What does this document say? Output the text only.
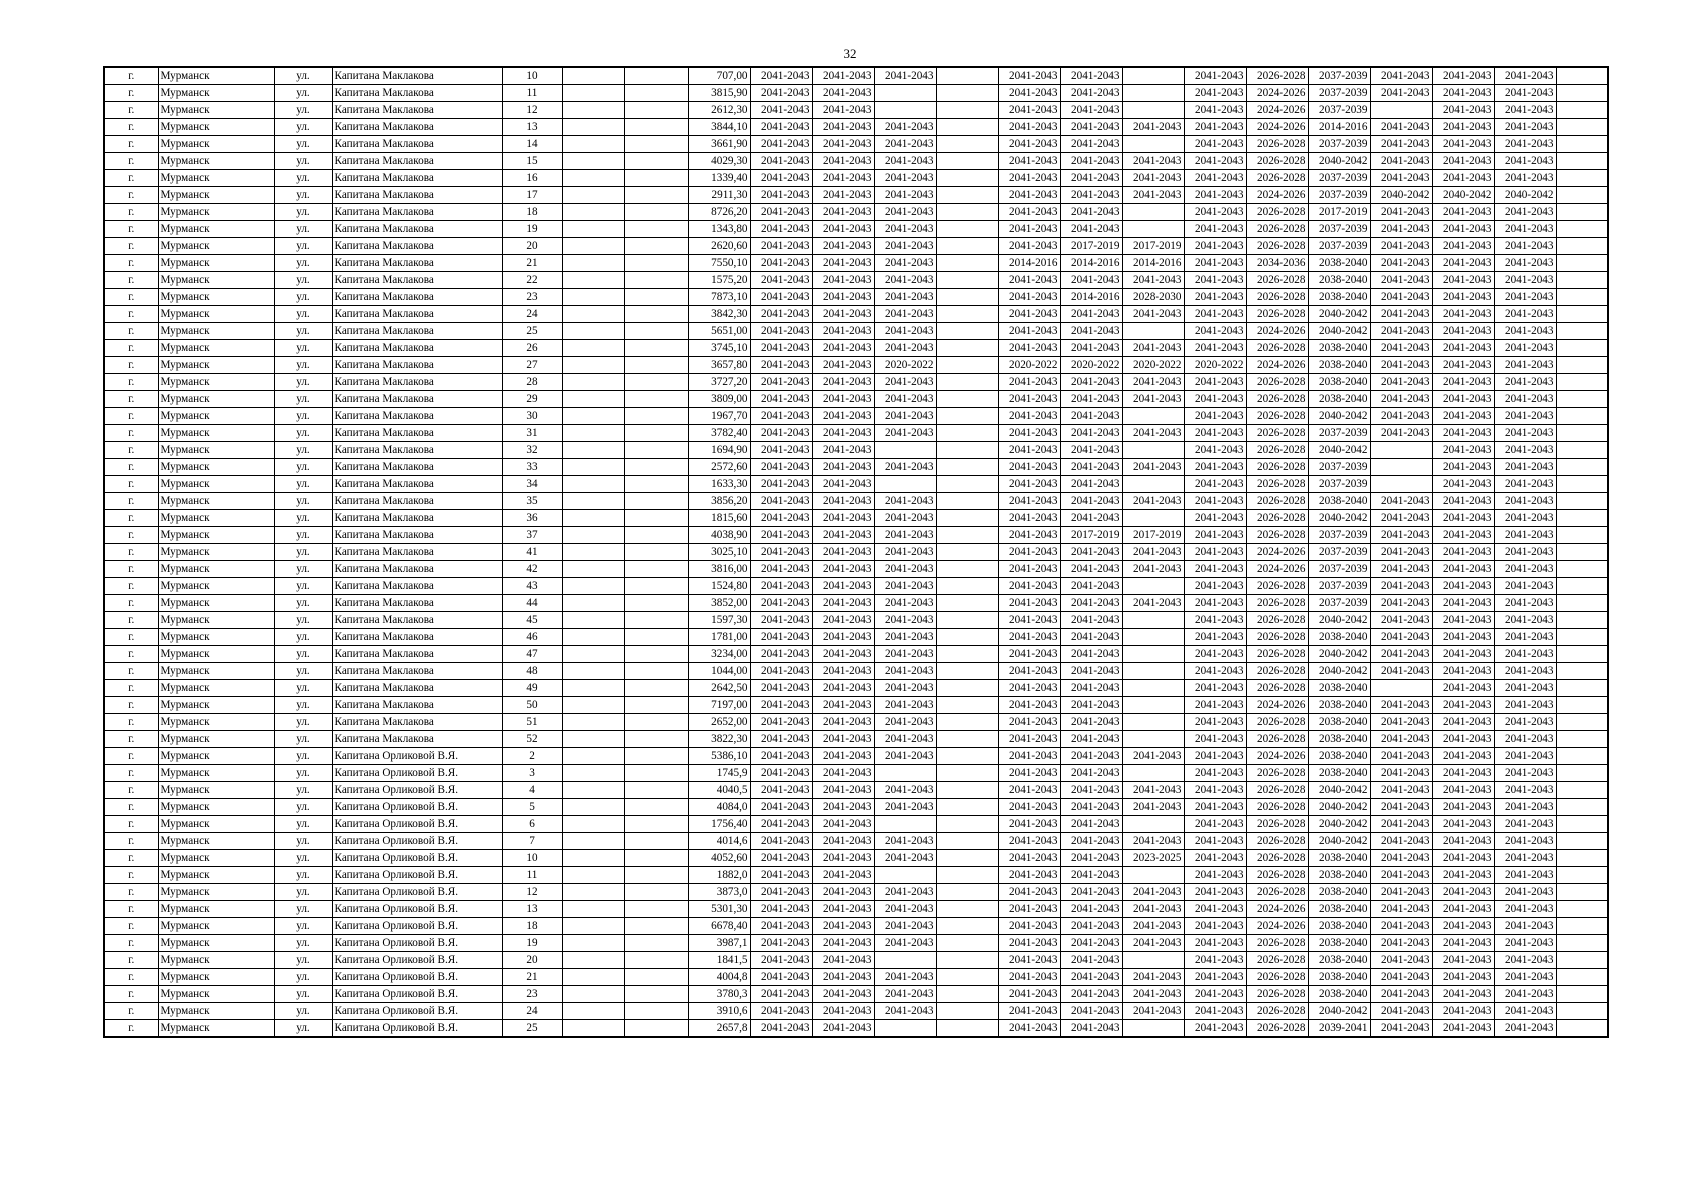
32
г.	Мурманск	ул.	Капитана Маклакова	10			707,00	2041-2043	2041-2043	2041-2043		2041-2043	2041-2043		2041-2043	2026-2028	2037-2039	2041-2043	2041-2043	2041-2043	
г.	Мурманск	ул.	Капитана Маклакова	11			3815,90	2041-2043	2041-2043			2041-2043	2041-2043		2041-2043	2024-2026	2037-2039	2041-2043	2041-2043	2041-2043	
г.	Мурманск	ул.	Капитана Маклакова	12			2612,30	2041-2043	2041-2043			2041-2043	2041-2043		2041-2043	2024-2026	2037-2039		2041-2043	2041-2043	
г.	Мурманск	ул.	Капитана Маклакова	13			3844,10	2041-2043	2041-2043	2041-2043		2041-2043	2041-2043	2041-2043	2041-2043	2024-2026	2014-2016	2041-2043	2041-2043	2041-2043	
г.	Мурманск	ул.	Капитана Маклакова	14			3661,90	2041-2043	2041-2043	2041-2043		2041-2043	2041-2043		2041-2043	2026-2028	2037-2039	2041-2043	2041-2043	2041-2043	
г.	Мурманск	ул.	Капитана Маклакова	15			4029,30	2041-2043	2041-2043	2041-2043		2041-2043	2041-2043	2041-2043	2041-2043	2026-2028	2040-2042	2041-2043	2041-2043	2041-2043	
г.	Мурманск	ул.	Капитана Маклакова	16			1339,40	2041-2043	2041-2043	2041-2043		2041-2043	2041-2043	2041-2043	2041-2043	2026-2028	2037-2039	2041-2043	2041-2043	2041-2043	
г.	Мурманск	ул.	Капитана Маклакова	17			2911,30	2041-2043	2041-2043	2041-2043		2041-2043	2041-2043	2041-2043	2041-2043	2024-2026	2037-2039	2040-2042	2040-2042	2040-2042	
г.	Мурманск	ул.	Капитана Маклакова	18			8726,20	2041-2043	2041-2043	2041-2043		2041-2043	2041-2043		2041-2043	2026-2028	2017-2019	2041-2043	2041-2043	2041-2043	
г.	Мурманск	ул.	Капитана Маклакова	19			1343,80	2041-2043	2041-2043	2041-2043		2041-2043	2041-2043		2041-2043	2026-2028	2037-2039	2041-2043	2041-2043	2041-2043	
г.	Мурманск	ул.	Капитана Маклакова	20			2620,60	2041-2043	2041-2043	2041-2043		2041-2043	2017-2019	2017-2019	2041-2043	2026-2028	2037-2039	2041-2043	2041-2043	2041-2043	
г.	Мурманск	ул.	Капитана Маклакова	21			7550,10	2041-2043	2041-2043	2041-2043		2014-2016	2014-2016	2014-2016	2041-2043	2034-2036	2038-2040	2041-2043	2041-2043	2041-2043	
г.	Мурманск	ул.	Капитана Маклакова	22			1575,20	2041-2043	2041-2043	2041-2043		2041-2043	2041-2043	2041-2043	2041-2043	2026-2028	2038-2040	2041-2043	2041-2043	2041-2043	
г.	Мурманск	ул.	Капитана Маклакова	23			7873,10	2041-2043	2041-2043	2041-2043		2041-2043	2014-2016	2028-2030	2041-2043	2026-2028	2038-2040	2041-2043	2041-2043	2041-2043	
г.	Мурманск	ул.	Капитана Маклакова	24			3842,30	2041-2043	2041-2043	2041-2043		2041-2043	2041-2043	2041-2043	2041-2043	2026-2028	2040-2042	2041-2043	2041-2043	2041-2043	
г.	Мурманск	ул.	Капитана Маклакова	25			5651,00	2041-2043	2041-2043	2041-2043		2041-2043	2041-2043		2041-2043	2024-2026	2040-2042	2041-2043	2041-2043	2041-2043	
г.	Мурманск	ул.	Капитана Маклакова	26			3745,10	2041-2043	2041-2043	2041-2043		2041-2043	2041-2043	2041-2043	2041-2043	2026-2028	2038-2040	2041-2043	2041-2043	2041-2043	
г.	Мурманск	ул.	Капитана Маклакова	27			3657,80	2041-2043	2041-2043	2020-2022		2020-2022	2020-2022	2020-2022	2020-2022	2024-2026	2038-2040	2041-2043	2041-2043	2041-2043	
г.	Мурманск	ул.	Капитана Маклакова	28			3727,20	2041-2043	2041-2043	2041-2043		2041-2043	2041-2043	2041-2043	2041-2043	2026-2028	2038-2040	2041-2043	2041-2043	2041-2043	
г.	Мурманск	ул.	Капитана Маклакова	29			3809,00	2041-2043	2041-2043	2041-2043		2041-2043	2041-2043	2041-2043	2041-2043	2026-2028	2038-2040	2041-2043	2041-2043	2041-2043	
г.	Мурманск	ул.	Капитана Маклакова	30			1967,70	2041-2043	2041-2043	2041-2043		2041-2043	2041-2043		2041-2043	2026-2028	2040-2042	2041-2043	2041-2043	2041-2043	
г.	Мурманск	ул.	Капитана Маклакова	31			3782,40	2041-2043	2041-2043	2041-2043		2041-2043	2041-2043	2041-2043	2041-2043	2026-2028	2037-2039	2041-2043	2041-2043	2041-2043	
г.	Мурманск	ул.	Капитана Маклакова	32			1694,90	2041-2043	2041-2043			2041-2043	2041-2043		2041-2043	2026-2028	2040-2042		2041-2043	2041-2043	
г.	Мурманск	ул.	Капитана Маклакова	33			2572,60	2041-2043	2041-2043	2041-2043		2041-2043	2041-2043	2041-2043	2041-2043	2026-2028	2037-2039		2041-2043	2041-2043	
г.	Мурманск	ул.	Капитана Маклакова	34			1633,30	2041-2043	2041-2043			2041-2043	2041-2043		2041-2043	2026-2028	2037-2039		2041-2043	2041-2043	
г.	Мурманск	ул.	Капитана Маклакова	35			3856,20	2041-2043	2041-2043	2041-2043		2041-2043	2041-2043	2041-2043	2041-2043	2026-2028	2038-2040	2041-2043	2041-2043	2041-2043	
г.	Мурманск	ул.	Капитана Маклакова	36			1815,60	2041-2043	2041-2043	2041-2043		2041-2043	2041-2043		2041-2043	2026-2028	2040-2042	2041-2043	2041-2043	2041-2043	
г.	Мурманск	ул.	Капитана Маклакова	37			4038,90	2041-2043	2041-2043	2041-2043		2041-2043	2017-2019	2017-2019	2041-2043	2026-2028	2037-2039	2041-2043	2041-2043	2041-2043	
г.	Мурманск	ул.	Капитана Маклакова	41			3025,10	2041-2043	2041-2043	2041-2043		2041-2043	2041-2043	2041-2043	2041-2043	2024-2026	2037-2039	2041-2043	2041-2043	2041-2043	
г.	Мурманск	ул.	Капитана Маклакова	42			3816,00	2041-2043	2041-2043	2041-2043		2041-2043	2041-2043	2041-2043	2041-2043	2024-2026	2037-2039	2041-2043	2041-2043	2041-2043	
г.	Мурманск	ул.	Капитана Маклакова	43			1524,80	2041-2043	2041-2043	2041-2043		2041-2043	2041-2043		2041-2043	2026-2028	2037-2039	2041-2043	2041-2043	2041-2043	
г.	Мурманск	ул.	Капитана Маклакова	44			3852,00	2041-2043	2041-2043	2041-2043		2041-2043	2041-2043	2041-2043	2041-2043	2026-2028	2037-2039	2041-2043	2041-2043	2041-2043	
г.	Мурманск	ул.	Капитана Маклакова	45			1597,30	2041-2043	2041-2043	2041-2043		2041-2043	2041-2043		2041-2043	2026-2028	2040-2042	2041-2043	2041-2043	2041-2043	
г.	Мурманск	ул.	Капитана Маклакова	46			1781,00	2041-2043	2041-2043	2041-2043		2041-2043	2041-2043		2041-2043	2026-2028	2038-2040	2041-2043	2041-2043	2041-2043	
г.	Мурманск	ул.	Капитана Маклакова	47			3234,00	2041-2043	2041-2043	2041-2043		2041-2043	2041-2043		2041-2043	2026-2028	2040-2042	2041-2043	2041-2043	2041-2043	
г.	Мурманск	ул.	Капитана Маклакова	48			1044,00	2041-2043	2041-2043	2041-2043		2041-2043	2041-2043		2041-2043	2026-2028	2040-2042	2041-2043	2041-2043	2041-2043	
г.	Мурманск	ул.	Капитана Маклакова	49			2642,50	2041-2043	2041-2043	2041-2043		2041-2043	2041-2043		2041-2043	2026-2028	2038-2040		2041-2043	2041-2043	
г.	Мурманск	ул.	Капитана Маклакова	50			7197,00	2041-2043	2041-2043	2041-2043		2041-2043	2041-2043		2041-2043	2024-2026	2038-2040	2041-2043	2041-2043	2041-2043	
г.	Мурманск	ул.	Капитана Маклакова	51			2652,00	2041-2043	2041-2043	2041-2043		2041-2043	2041-2043		2041-2043	2026-2028	2038-2040	2041-2043	2041-2043	2041-2043	
г.	Мурманск	ул.	Капитана Маклакова	52			3822,30	2041-2043	2041-2043	2041-2043		2041-2043	2041-2043		2041-2043	2026-2028	2038-2040	2041-2043	2041-2043	2041-2043	
г.	Мурманск	ул.	Капитана Орликовой В.Я.	2			5386,10	2041-2043	2041-2043	2041-2043		2041-2043	2041-2043	2041-2043	2041-2043	2024-2026	2038-2040	2041-2043	2041-2043	2041-2043	
г.	Мурманск	ул.	Капитана Орликовой В.Я.	3			1745,9	2041-2043	2041-2043			2041-2043	2041-2043		2041-2043	2026-2028	2038-2040	2041-2043	2041-2043	2041-2043	
г.	Мурманск	ул.	Капитана Орликовой В.Я.	4			4040,5	2041-2043	2041-2043	2041-2043		2041-2043	2041-2043	2041-2043	2041-2043	2026-2028	2040-2042	2041-2043	2041-2043	2041-2043	
г.	Мурманск	ул.	Капитана Орликовой В.Я.	5			4084,0	2041-2043	2041-2043	2041-2043		2041-2043	2041-2043	2041-2043	2041-2043	2026-2028	2040-2042	2041-2043	2041-2043	2041-2043	
г.	Мурманск	ул.	Капитана Орликовой В.Я.	6			1756,40	2041-2043	2041-2043			2041-2043	2041-2043		2041-2043	2026-2028	2040-2042	2041-2043	2041-2043	2041-2043	
г.	Мурманск	ул.	Капитана Орликовой В.Я.	7			4014,6	2041-2043	2041-2043	2041-2043		2041-2043	2041-2043	2041-2043	2041-2043	2026-2028	2040-2042	2041-2043	2041-2043	2041-2043	
г.	Мурманск	ул.	Капитана Орликовой В.Я.	10			4052,60	2041-2043	2041-2043	2041-2043		2041-2043	2041-2043	2023-2025	2041-2043	2026-2028	2038-2040	2041-2043	2041-2043	2041-2043	
г.	Мурманск	ул.	Капитана Орликовой В.Я.	11			1882,0	2041-2043	2041-2043			2041-2043	2041-2043		2041-2043	2026-2028	2038-2040	2041-2043	2041-2043	2041-2043	
г.	Мурманск	ул.	Капитана Орликовой В.Я.	12			3873,0	2041-2043	2041-2043	2041-2043		2041-2043	2041-2043	2041-2043	2041-2043	2026-2028	2038-2040	2041-2043	2041-2043	2041-2043	
г.	Мурманск	ул.	Капитана Орликовой В.Я.	13			5301,30	2041-2043	2041-2043	2041-2043		2041-2043	2041-2043	2041-2043	2041-2043	2024-2026	2038-2040	2041-2043	2041-2043	2041-2043	
г.	Мурманск	ул.	Капитана Орликовой В.Я.	18			6678,40	2041-2043	2041-2043	2041-2043		2041-2043	2041-2043	2041-2043	2041-2043	2024-2026	2038-2040	2041-2043	2041-2043	2041-2043	
г.	Мурманск	ул.	Капитана Орликовой В.Я.	19			3987,1	2041-2043	2041-2043	2041-2043		2041-2043	2041-2043	2041-2043	2041-2043	2026-2028	2038-2040	2041-2043	2041-2043	2041-2043	
г.	Мурманск	ул.	Капитана Орликовой В.Я.	20			1841,5	2041-2043	2041-2043			2041-2043	2041-2043		2041-2043	2026-2028	2038-2040	2041-2043	2041-2043	2041-2043	
г.	Мурманск	ул.	Капитана Орликовой В.Я.	21			4004,8	2041-2043	2041-2043	2041-2043		2041-2043	2041-2043	2041-2043	2041-2043	2026-2028	2038-2040	2041-2043	2041-2043	2041-2043	
г.	Мурманск	ул.	Капитана Орликовой В.Я.	23			3780,3	2041-2043	2041-2043	2041-2043		2041-2043	2041-2043	2041-2043	2041-2043	2026-2028	2038-2040	2041-2043	2041-2043	2041-2043	
г.	Мурманск	ул.	Капитана Орликовой В.Я.	24			3910,6	2041-2043	2041-2043	2041-2043		2041-2043	2041-2043	2041-2043	2041-2043	2026-2028	2040-2042	2041-2043	2041-2043	2041-2043	
г.	Мурманск	ул.	Капитана Орликовой В.Я.	25			2657,8	2041-2043	2041-2043			2041-2043	2041-2043		2041-2043	2026-2028	2039-2041	2041-2043	2041-2043	2041-2043	
